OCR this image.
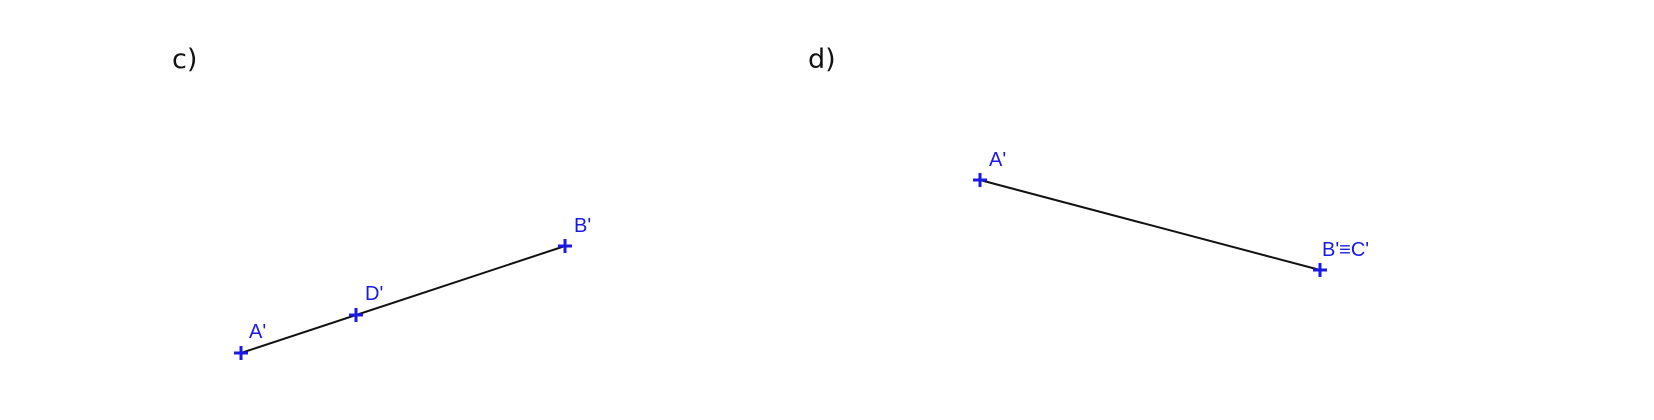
c)
A'
D'
B'
d)
A'
B'≡C'
